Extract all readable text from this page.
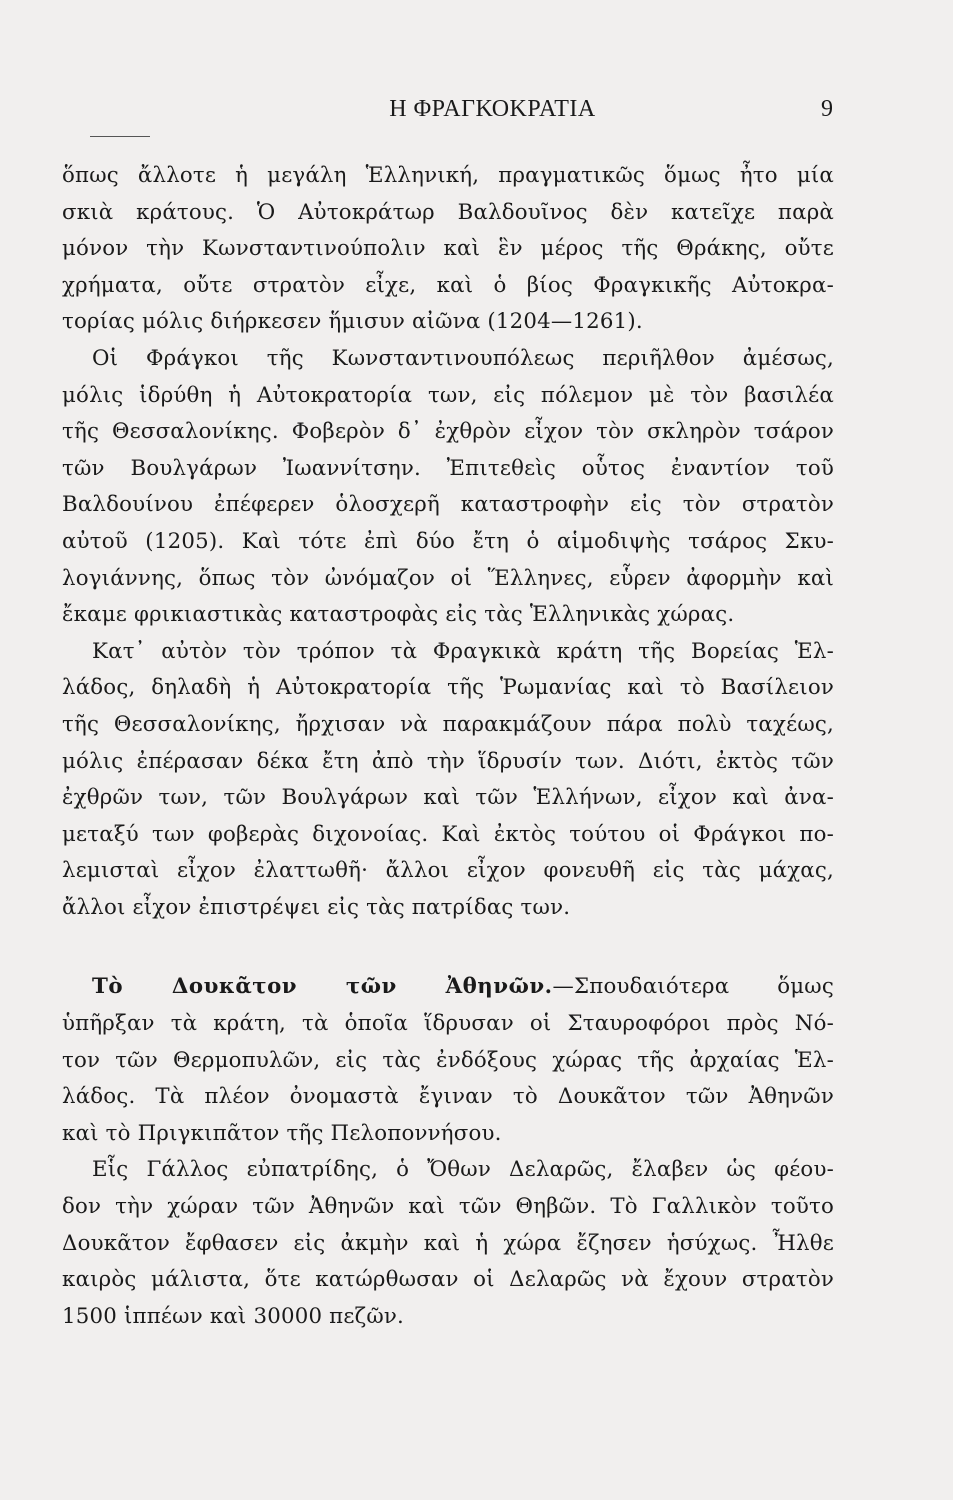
Η ΦΡΑΓΚΟΚΡΑΤΙΑ	9
ὅπως ἄλλοτε ἡ μεγάλη Ἑλληνική, πραγματικῶς ὅμως ἦτο μία
σκιὰ κράτους. Ὁ Αὐτοκράτωρ Βαλδουῖνος δὲν κατεῖχε παρὰ
μόνον τὴν Κωνσταντινούπολιν καὶ ἓν μέρος τῆς Θράκης, οὔτε
χρήματα, οὔτε στρατὸν εἶχε, καὶ ὁ βίος Φραγκικῆς Αὐτοκρα-
τορίας μόλις διήρκεσεν ἥμισυν αἰῶνα (1204—1261).
Οἱ Φράγκοι τῆς Κωνσταντινουπόλεως περιῆλθον ἀμέσως,
μόλις ἱδρύθη ἡ Αὐτοκρατορία των, εἰς πόλεμον μὲ τὸν βασιλέα
τῆς Θεσσαλονίκης. Φοβερὸν δ᾽ ἐχθρὸν εἶχον τὸν σκληρὸν τσάρον
τῶν Βουλγάρων Ἰωαννίτσην. Ἐπιτεθεὶς οὗτος ἐναντίον τοῦ
Βαλδουίνου ἐπέφερεν ὁλοσχερῆ καταστροφὴν εἰς τὸν στρατὸν
αὐτοῦ (1205). Καὶ τότε ἐπὶ δύο ἔτη ὁ αἱμοδιψὴς τσάρος Σκυ-
λογιάννης, ὅπως τὸν ὠνόμαζον οἱ Ἕλληνες, εὗρεν ἀφορμὴν καὶ
ἔκαμε φρικιαστικὰς καταστροφὰς εἰς τὰς Ἑλληνικὰς χώρας.
Κατ᾽ αὐτὸν τὸν τρόπον τὰ Φραγκικὰ κράτη τῆς Βορείας Ἑλ-
λάδος, δηλαδὴ ἡ Αὐτοκρατορία τῆς Ῥωμανίας καὶ τὸ Βασίλειον
τῆς Θεσσαλονίκης, ἤρχισαν νὰ παρακμάζουν πάρα πολὺ ταχέως,
μόλις ἐπέρασαν δέκα ἔτη ἀπὸ τὴν ἵδρυσίν των. Διότι, ἐκτὸς τῶν
ἐχθρῶν των, τῶν Βουλγάρων καὶ τῶν Ἑλλήνων, εἶχον καὶ ἀνα-
μεταξύ των φοβερὰς διχονοίας. Καὶ ἐκτὸς τούτου οἱ Φράγκοι πο-
λεμισταὶ εἶχον ἐλαττωθῆ· ἄλλοι εἶχον φονευθῆ εἰς τὰς μάχας,
ἄλλοι εἶχον ἐπιστρέψει εἰς τὰς πατρίδας των.
Τὸ Δουκᾶτον τῶν Ἀθηνῶν.—Σπουδαιότερα ὅμως
ὑπῆρξαν τὰ κράτη, τὰ ὁποῖα ἵδρυσαν οἱ Σταυροφόροι πρὸς Νό-
τον τῶν Θερμοπυλῶν, εἰς τὰς ἐνδόξους χώρας τῆς ἀρχαίας Ἑλ-
λάδος. Τὰ πλέον ὀνομαστὰ ἔγιναν τὸ Δουκᾶτον τῶν Ἀθηνῶν
καὶ τὸ Πριγκιπᾶτον τῆς Πελοποννήσου.
Εἷς Γάλλος εὐπατρίδης, ὁ Ὄθων Δελαρῶς, ἔλαβεν ὡς φέου-
δον τὴν χώραν τῶν Ἀθηνῶν καὶ τῶν Θηβῶν. Τὸ Γαλλικὸν τοῦτο
Δουκᾶτον ἔφθασεν εἰς ἀκμὴν καὶ ἡ χώρα ἔζησεν ἡσύχως. Ἦλθε
καιρὸς μάλιστα, ὅτε κατώρθωσαν οἱ Δελαρῶς νὰ ἔχουν στρατὸν
1500 ἱππέων καὶ 30000 πεζῶν.
